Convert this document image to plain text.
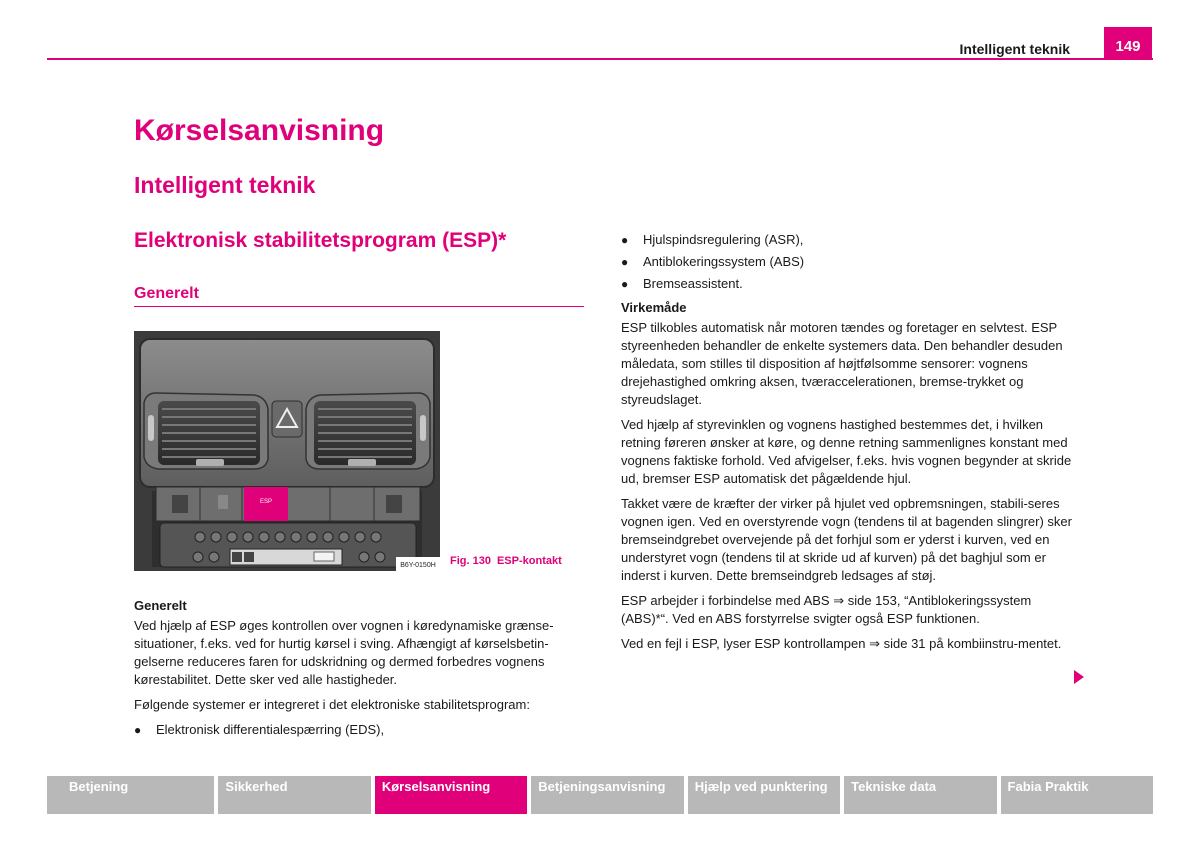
Intelligent teknik	149
Kørselsanvisning
Intelligent teknik
Elektronisk stabilitetsprogram (ESP)*
Generelt
ESP
B6Y-0150H Fig. 130 ESP-kontakt

Generelt

Ved hjælp af ESP øges kontrollen over vognen i køredynamiske grænse-situationer, f.eks. ved for hurtig kørsel i sving. Afhængigt af kørselsbetin-gelserne reduceres faren for udskridning og dermed forbedres vognens kørestabilitet. Dette sker ved alle hastigheder.

Følgende systemer er integreret i det elektroniske stabilitetsprogram:

●	Elektronisk differentialespærring (EDS),
●	Hjulspindsregulering (ASR),
●	Antiblokeringssystem (ABS)
●	Bremseassistent.

Virkemåde

ESP tilkobles automatisk når motoren tændes og foretager en selvtest. ESP styreenheden behandler de enkelte systemers data. Den behandler desuden måledata, som stilles til disposition af højtfølsomme sensorer: vognens drejehastighed omkring aksen, tværaccelerationen, bremse-trykket og styreudslaget.

Ved hjælp af styrevinklen og vognens hastighed bestemmes det, i hvilken retning føreren ønsker at køre, og denne retning sammenlignes konstant med vognens faktiske forhold. Ved afvigelser, f.eks. hvis vognen begynder at skride ud, bremser ESP automatisk det pågældende hjul.

Takket være de kræfter der virker på hjulet ved opbremsningen, stabili-seres vognen igen. Ved en overstyrende vogn (tendens til at bagenden slingrer) sker bremseindgrebet overvejende på det forhjul som er yderst i kurven, ved en understyret vogn (tendens til at skride ud af kurven) på det baghjul som er inderst i kurven. Dette bremseindgreb ledsages af støj.

ESP arbejder i forbindelse med ABS ⇒ side 153, “Antiblokeringssystem (ABS)*“. Ved en ABS forstyrrelse svigter også ESP funktionen.

Ved en fejl i ESP, lyser ESP kontrollampen ⇒ side 31 på kombiinstru-mentet.

Betjening	Sikkerhed	Kørselsanvisning	Betjeningsanvisning	Hjælp ved punktering	Tekniske data	Fabia Praktik
